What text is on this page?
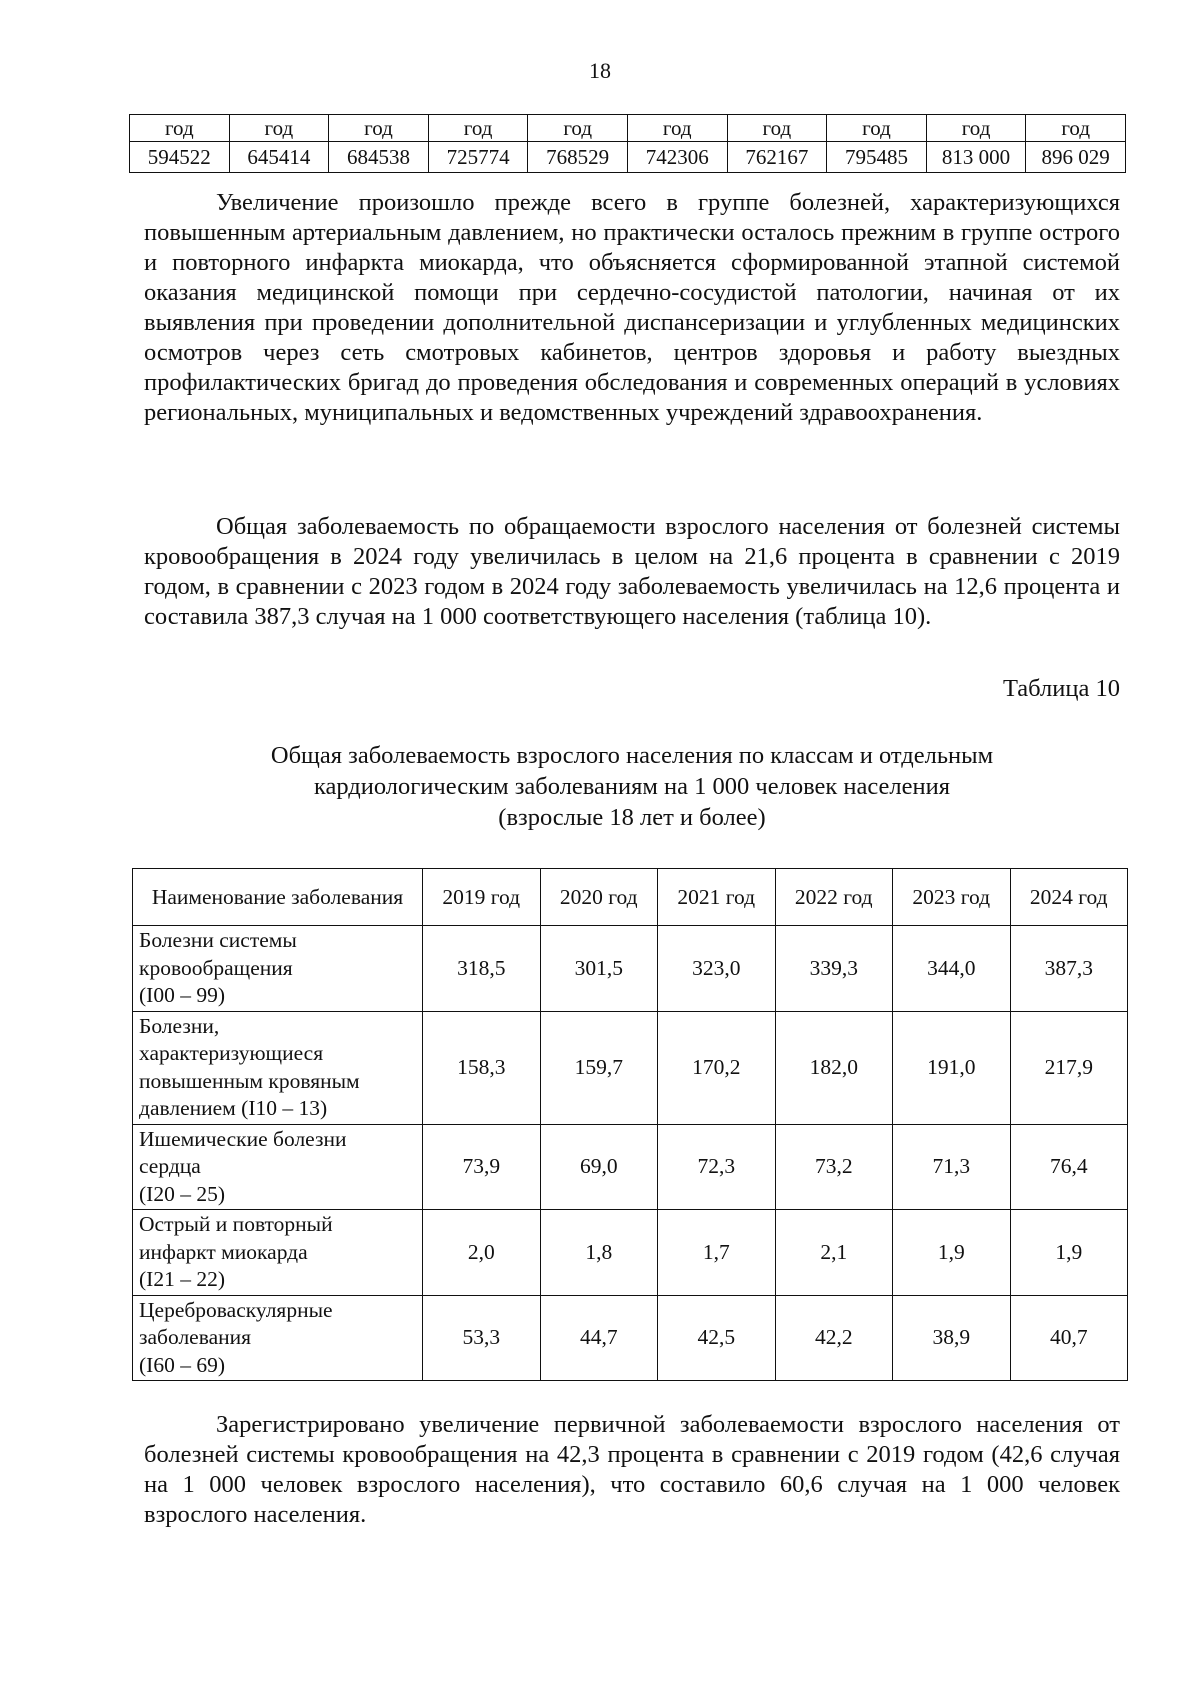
18
год	год	год	год	год	год	год	год	год	год
594522	645414	684538	725774	768529	742306	762167	795485	813 000	896 029

Увеличение произошло прежде всего в группе болезней, характеризующихся повышенным артериальным давлением, но практически осталось прежним в группе острого и повторного инфаркта миокарда, что объясняется сформированной этапной системой оказания медицинской помощи при сердечно-сосудистой патологии, начиная от их выявления при проведении дополнительной диспансеризации и углубленных медицинских осмотров через сеть смотровых кабинетов, центров здоровья и работу выездных профилактических бригад до проведения обследования и современных операций в условиях региональных, муниципальных и ведомственных учреждений здравоохранения.

Общая заболеваемость по обращаемости взрослого населения от болезней системы кровообращения в 2024 году увеличилась в целом на 21,6 процента в сравнении с 2019 годом, в сравнении с 2023 годом в 2024 году заболеваемость увеличилась на 12,6 процента и составила 387,3 случая на 1 000 соответствующего населения (таблица 10).

Таблица 10
Общая заболеваемость взрослого населения по классам и отдельным
кардиологическим заболеваниям на 1 000 человек населения
(взрослые 18 лет и более)
Наименование заболевания	2019 год	2020 год	2021 год	2022 год	2023 год	2024 год

Болезни системы
кровообращения
(I00 – 99)	318,5	301,5	323,0	339,3	344,0	387,3

Болезни,
характеризующиеся
повышенным кровяным
давлением (I10 – 13)	158,3	159,7	170,2	182,0	191,0	217,9

Ишемические болезни
сердца
(I20 – 25)	73,9	69,0	72,3	73,2	71,3	76,4

Острый и повторный
инфаркт миокарда
(I21 – 22)	2,0	1,8	1,7	2,1	1,9	1,9

Цереброваскулярные
заболевания
(I60 – 69)	53,3	44,7	42,5	42,2	38,9	40,7

Зарегистрировано увеличение первичной заболеваемости взрослого населения от болезней системы кровообращения на 42,3 процента в сравнении с 2019 годом (42,6 случая на 1 000 человек взрослого населения), что составило 60,6 случая на 1 000 человек взрослого населения.
